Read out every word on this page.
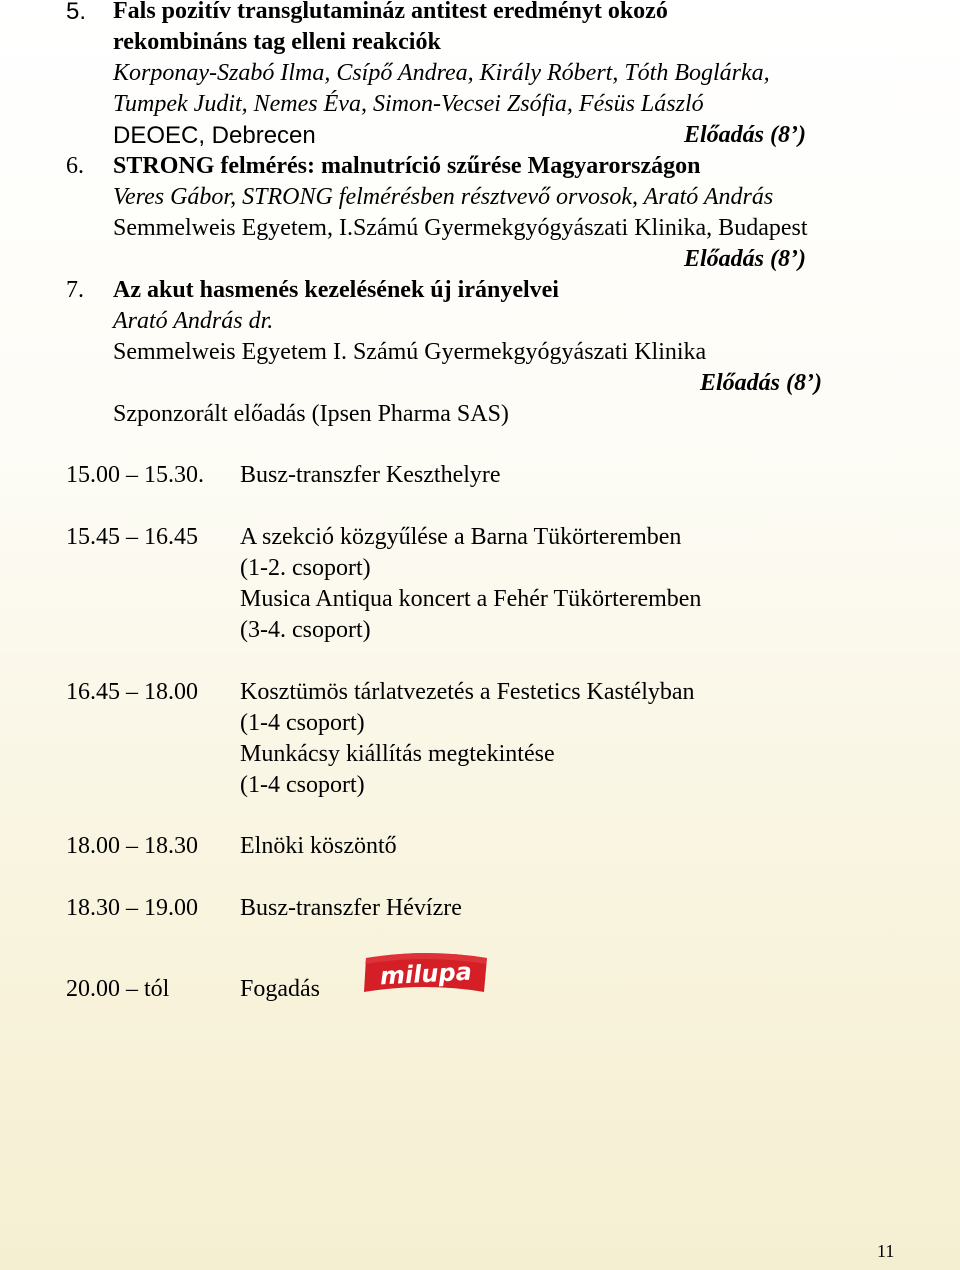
5. Fals pozitív transglutamináz antitest eredményt okozó
rekombináns tag elleni reakciók
Korponay-Szabó Ilma, Csípő Andrea, Király Róbert, Tóth Boglárka,
Tumpek Judit, Nemes Éva, Simon-Vecsei Zsófia, Fésüs László
DEOEC, Debrecen	Előadás (8’)
6. STRONG felmérés: malnutríció szűrése Magyarországon
Veres Gábor, STRONG felmérésben résztvevő orvosok, Arató András
Semmelweis Egyetem, I.Számú Gyermekgyógyászati Klinika, Budapest
Előadás (8’)
7. Az akut hasmenés kezelésének új irányelvei
Arató András dr.
Semmelweis Egyetem I. Számú Gyermekgyógyászati Klinika
Előadás (8’)
Szponzorált előadás (Ipsen Pharma SAS)
15.00 – 15.30. Busz-transzfer Keszthelyre
15.45 – 16.45 A szekció közgyűlése a Barna Tükörteremben
(1-2. csoport)
Musica Antiqua koncert a Fehér Tükörteremben
(3-4. csoport)
16.45 – 18.00 Kosztümös tárlatvezetés a Festetics Kastélyban
(1-4 csoport)
Munkácsy kiállítás megtekintése
(1-4 csoport)
18.00 – 18.30 Elnöki köszöntő
18.30 – 19.00 Busz-transzfer Hévízre
20.00 – tól	Fogadás milupa
11
